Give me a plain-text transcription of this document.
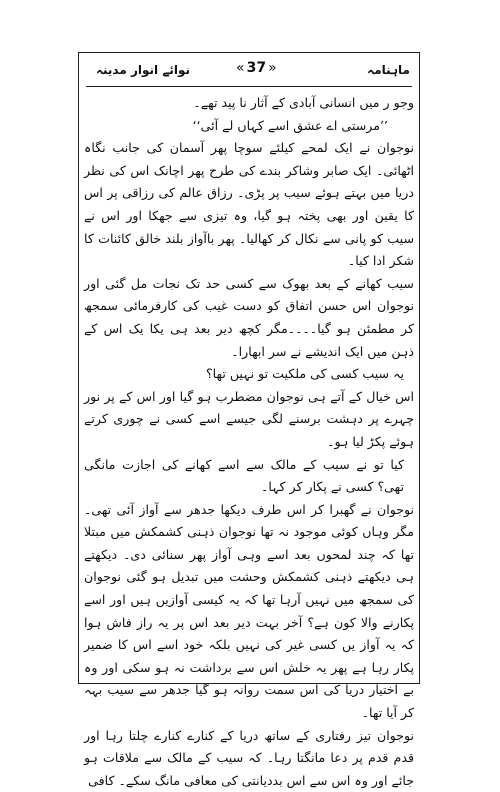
ماہنامہ
« 37 »
نوائے انوار مدینہ

وجو ر میں انسانی آبادی کے آثار نا پید تھے۔

’’مرستی اے عشق اسے کہاں لے آئی‘‘

نوجوان نے ایک لمحے کیلئے سوچا پھر آسمان کی جانب نگاہ اٹھائی۔ ایک صابر وشاکر بندے کی طرح پھر اچانک اس کی نظر دریا میں بہتے ہوئے سیب پر پڑی۔ رزاق عالم کی رزاقی پر اس کا یقین اور بھی پختہ ہو گیا، وہ تیزی سے جھکا اور اس نے سیب کو پانی سے نکال کر کھالیا۔ پھر باآواز بلند خالق کائنات کا شکر ادا کیا۔

سیب کھانے کے بعد بھوک سے کسی حد تک نجات مل گئی اور نوجوان اس حسن اتفاق کو دست غیب کی کارفرمائی سمجھ کر مطمئن ہو گیا۔۔۔۔مگر کچھ دیر بعد ہی یکا یک اس کے ذہن میں ایک اندیشے نے سر ابھارا۔

یہ سیب کسی کی ملکیت تو نہیں تھا؟

اس خیال کے آتے ہی نوجوان مضطرب ہو گیا اور اس کے پر نور چہرے پر دہشت برسنے لگی جیسے اسے کسی نے چوری کرتے ہوئے پکڑ لیا ہو۔

کیا تو نے سیب کے مالک سے اسے کھانے کی اجازت مانگی تھی؟ کسی نے پکار کر کہا۔

نوجوان نے گھبرا کر اس طرف دیکھا جدھر سے آواز آئی تھی۔ مگر وہاں کوئی موجود نہ تھا نوجوان ذہنی کشمکش میں مبتلا تھا کہ چند لمحوں بعد اسے وہی آواز پھر سنائی دی۔ دیکھتے ہی دیکھتے ذہنی کشمکش وحشت میں تبدیل ہو گئی نوجوان کی سمجھ میں نہیں آرہا تھا کہ یہ کیسی آوازیں ہیں اور اسے پکارنے والا کون ہے؟ آخر بہت دیر بعد اس پر یہ راز فاش ہوا کہ یہ آواز یں کسی غیر کی نہیں بلکہ خود اسے اس کا ضمیر پکار رہا ہے پھر یہ خلش اس سے برداشت نہ ہو سکی اور وہ بے اختیار دریا کی اس سمت روانہ ہو گیا جدھر سے سیب بہہ کر آیا تھا۔

نوجوان تیز رفتاری کے ساتھ دریا کے کنارے کنارے چلتا رہا اور قدم قدم پر دعا مانگتا رہا۔ کہ سیب کے مالک سے ملاقات ہو جائے اور وہ اس سے اس بددیانتی کی معافی مانگ سکے۔ کافی
